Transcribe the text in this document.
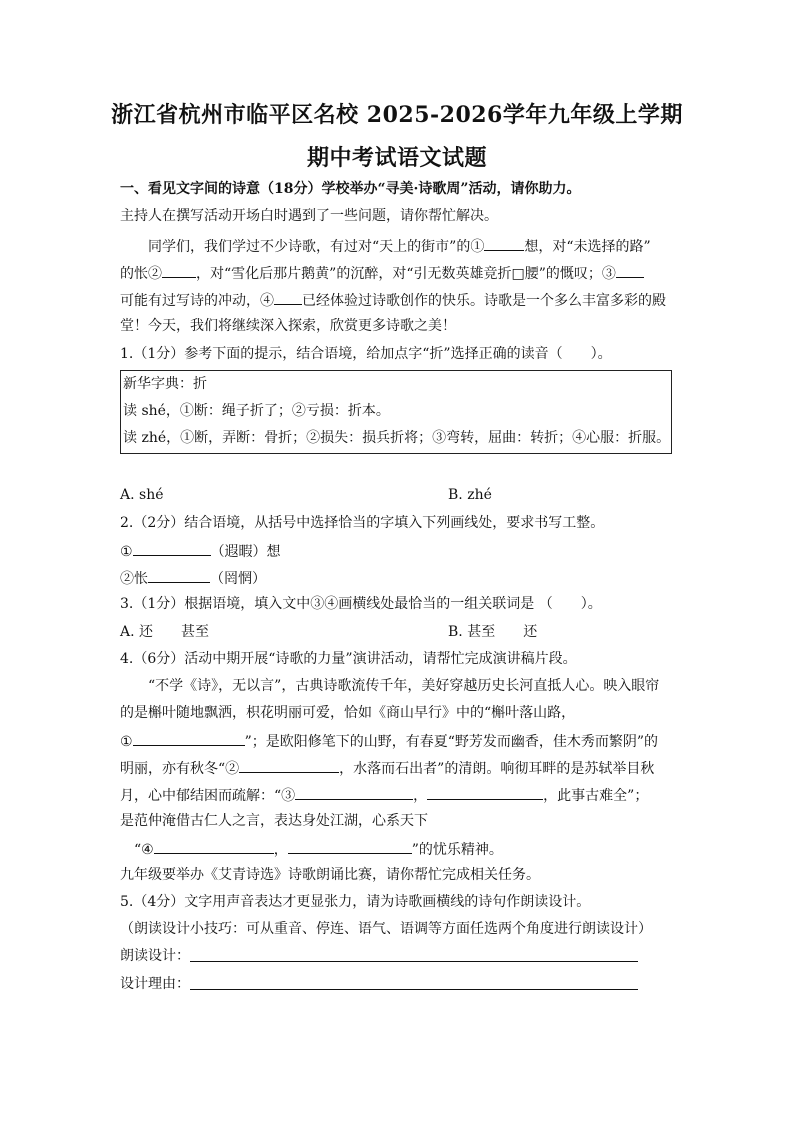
浙江省杭州市临平区名校 2025-2026学年九年级上学期
期中考试语文试题
一、看见文字间的诗意（18分）学校举办“寻美·诗歌周”活动，请你助力。
主持人在撰写活动开场白时遇到了一些问题，请你帮忙解决。
同学们，我们学过不少诗歌，有过对“天上的街市”的①	想，对“未选择的路”
的怅② ，对“雪化后那片鹅黄”的沉醉，对“引无数英雄竞折□腰”的慨叹；③
可能有过写诗的冲动，④ 已经体验过诗歌创作的快乐。诗歌是一个多么丰富多彩的殿
堂！今天，我们将继续深入探索，欣赏更多诗歌之美！
1.（1分）参考下面的提示，结合语境，给加点字“折”选择正确的读音（　　）。
新华字典：折
读 shé，①断：绳子折了；②亏损：折本。
读 zhé，①断，弄断：骨折；②损失：损兵折将；③弯转，屈曲：转折；④心服：折服。
A. shé	B. zhé
2.（2分）结合语境，从括号中选择恰当的字填入下列画线处，要求书写工整。
①	（遐暇）想
②怅	（罔惘）
3.（1分）根据语境，填入文中③④画横线处最恰当的一组关联词是 （　　）。
A. 还　　甚至	B. 甚至　　还
4.（6分）活动中期开展“诗歌的力量”演讲活动，请帮忙完成演讲稿片段。
“不学《诗》，无以言”，古典诗歌流传千年，美好穿越历史长河直抵人心。映入眼帘
的是槲叶随地飘洒，枳花明丽可爱，恰如《商山早行》中的“槲叶落山路，
①	”；是欧阳修笔下的山野，有春夏“野芳发而幽香，佳木秀而繁阴”的
明丽，亦有秋冬“②	，水落而石出者”的清朗。响彻耳畔的是苏轼举目秋
月，心中郁结困而疏解：“③	，	，此事古难全”；
是范仲淹借古仁人之言，表达身处江湖，心系天下
“④	，	”的忧乐精神。
九年级要举办《艾青诗选》诗歌朗诵比赛，请你帮忙完成相关任务。
5.（4分）文字用声音表达才更显张力，请为诗歌画横线的诗句作朗读设计。
（朗读设计小技巧：可从重音、停连、语气、语调等方面任选两个角度进行朗读设计）
朗读设计：
设计理由：
